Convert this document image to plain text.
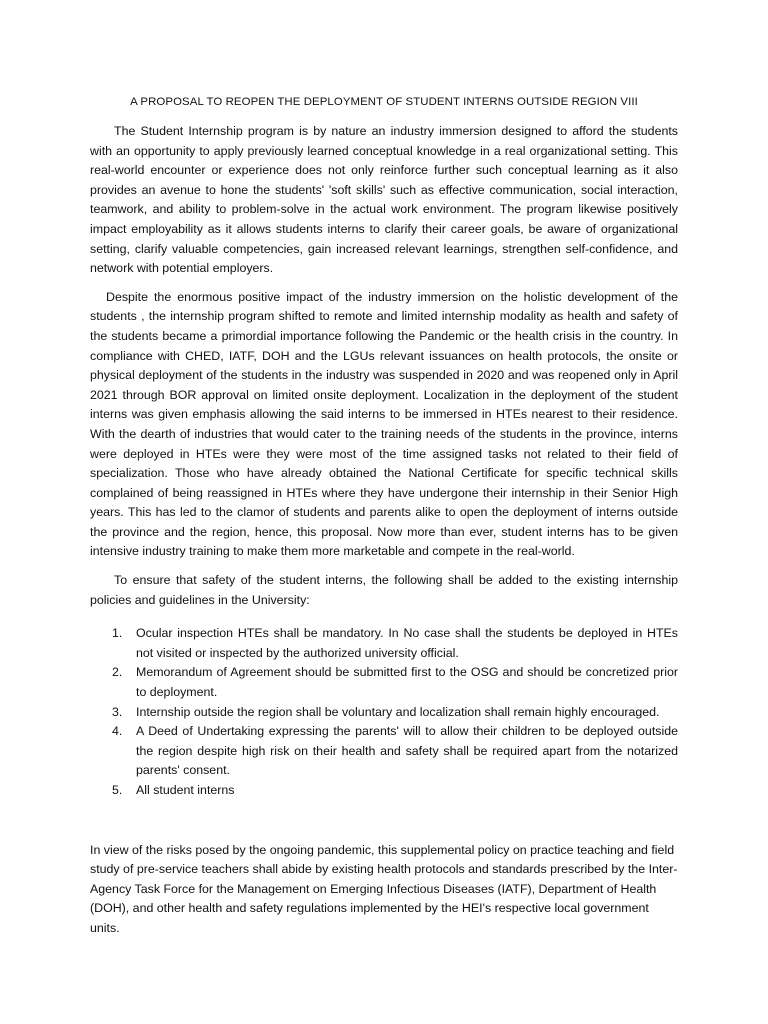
A PROPOSAL TO REOPEN THE DEPLOYMENT OF STUDENT INTERNS OUTSIDE REGION VIII

The Student Internship program is by nature an industry immersion designed to afford the students with an opportunity to apply previously learned conceptual knowledge in a real organizational setting. This real-world encounter or experience does not only reinforce further such conceptual learning as it also provides an avenue to hone the students' 'soft skills' such as effective communication, social interaction, teamwork, and ability to problem-solve in the actual work environment. The program likewise positively impact employability as it allows students interns to clarify their career goals, be aware of organizational setting, clarify valuable competencies, gain increased relevant learnings, strengthen self-confidence, and network with potential employers.

Despite the enormous positive impact of the industry immersion on the holistic development of the students , the internship program shifted to remote and limited internship modality as health and safety of the students became a primordial importance following the Pandemic or the health crisis in the country. In compliance with CHED, IATF, DOH and the LGUs relevant issuances on health protocols, the onsite or physical deployment of the students in the industry was suspended in 2020 and was reopened only in April 2021 through BOR approval on limited onsite deployment. Localization in the deployment of the student interns was given emphasis allowing the said interns to be immersed in HTEs nearest to their residence. With the dearth of industries that would cater to the training needs of the students in the province, interns were deployed in HTEs were they were most of the time assigned tasks not related to their field of specialization. Those who have already obtained the National Certificate for specific technical skills complained of being reassigned in HTEs where they have undergone their internship in their Senior High years. This has led to the clamor of students and parents alike to open the deployment of interns outside the province and the region, hence, this proposal. Now more than ever, student interns has to be given intensive industry training to make them more marketable and compete in the real-world.

To ensure that safety of the student interns, the following shall be added to the existing internship policies and guidelines in the University:

1. Ocular inspection HTEs shall be mandatory. In No case shall the students be deployed in HTEs not visited or inspected by the authorized university official.
2. Memorandum of Agreement should be submitted first to the OSG and should be concretized prior to deployment.
3. Internship outside the region shall be voluntary and localization shall remain highly encouraged.
4. A Deed of Undertaking expressing the parents' will to allow their children to be deployed outside the region despite high risk on their health and safety shall be required apart from the notarized parents' consent.
5. All student interns

In view of the risks posed by the ongoing pandemic, this supplemental policy on practice teaching and field study of pre-service teachers shall abide by existing health protocols and standards prescribed by the Inter-Agency Task Force for the Management on Emerging Infectious Diseases (IATF), Department of Health (DOH), and other health and safety regulations implemented by the HEI's respective local government units.
